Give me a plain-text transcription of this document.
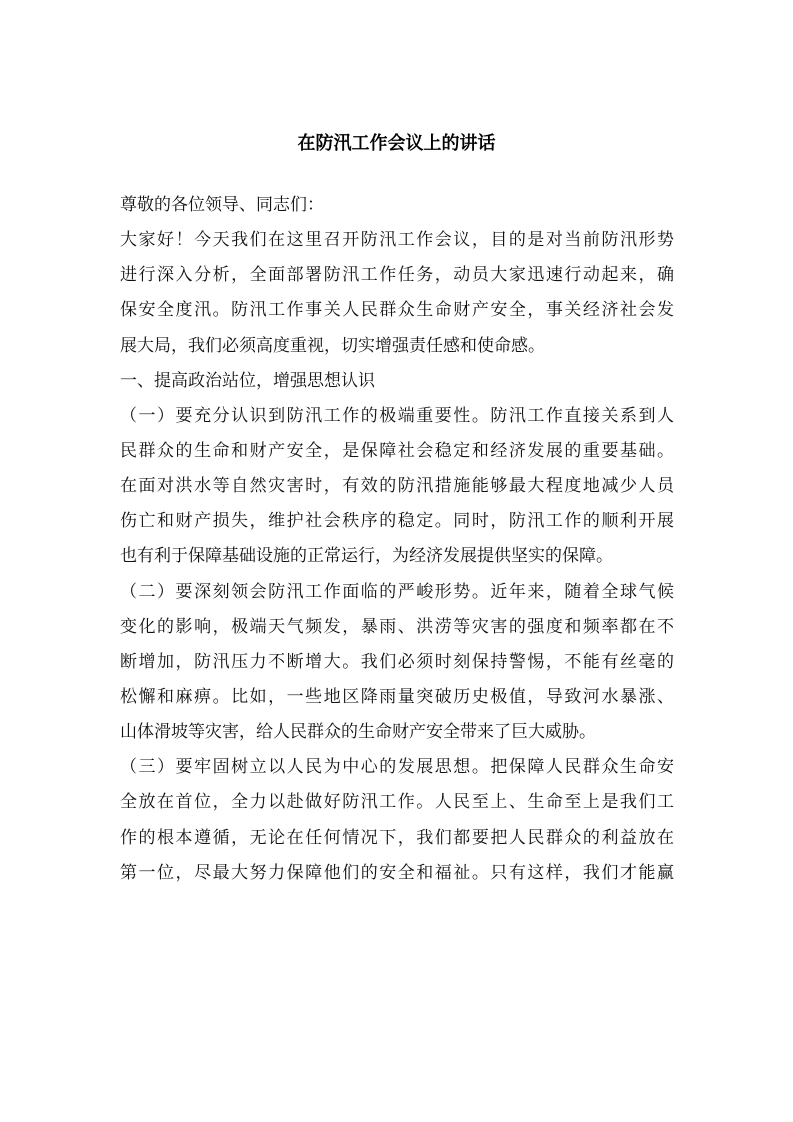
在防汛工作会议上的讲话
尊敬的各位领导、同志们：
大家好！今天我们在这里召开防汛工作会议，目的是对当前防汛形势
进行深入分析，全面部署防汛工作任务，动员大家迅速行动起来，确
保安全度汛。防汛工作事关人民群众生命财产安全，事关经济社会发
展大局，我们必须高度重视，切实增强责任感和使命感。
一、提高政治站位，增强思想认识
（一）要充分认识到防汛工作的极端重要性。防汛工作直接关系到人
民群众的生命和财产安全，是保障社会稳定和经济发展的重要基础。
在面对洪水等自然灾害时，有效的防汛措施能够最大程度地减少人员
伤亡和财产损失，维护社会秩序的稳定。同时，防汛工作的顺利开展
也有利于保障基础设施的正常运行，为经济发展提供坚实的保障。
（二）要深刻领会防汛工作面临的严峻形势。近年来，随着全球气候
变化的影响，极端天气频发，暴雨、洪涝等灾害的强度和频率都在不
断增加，防汛压力不断增大。我们必须时刻保持警惕，不能有丝毫的
松懈和麻痹。比如，一些地区降雨量突破历史极值，导致河水暴涨、
山体滑坡等灾害，给人民群众的生命财产安全带来了巨大威胁。
（三）要牢固树立以人民为中心的发展思想。把保障人民群众生命安
全放在首位，全力以赴做好防汛工作。人民至上、生命至上是我们工
作的根本遵循，无论在任何情况下，我们都要把人民群众的利益放在
第一位，尽最大努力保障他们的安全和福祉。只有这样，我们才能赢
